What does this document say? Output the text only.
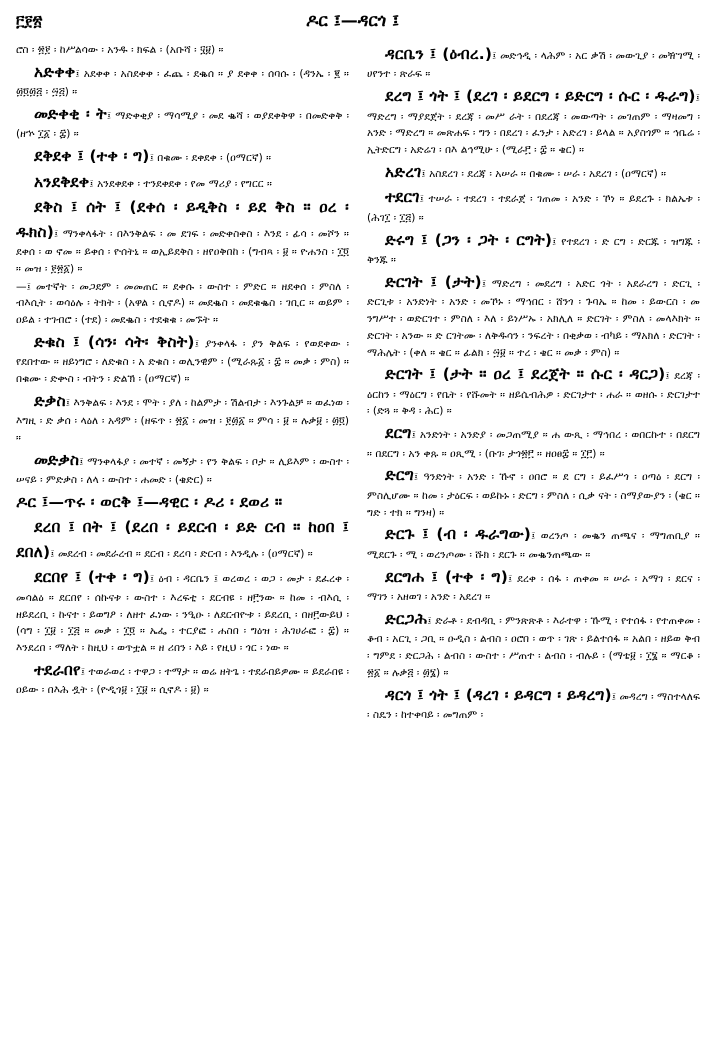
፫፻፳	ዶር ፤—ዳርጎ ፤

ሮስ ፡ ፳፻ ፡ ከሥልሳው ፡ አንዱ ፡ ክፍል ፡ (አቡሻ ፡ ፶፱) ።

አድቀቀ፤ አደቀቀ ፡ አስደቀቀ ፡ ፈጨ ፡ ደቈሰ ። ያ ደቀቀ ፡ ሰባሱ ፡ (ዳንኤ ፡ ፪ ። ፴፬፴፭ ፡ ፵፭) ።

መድቀቂ ፡ ት፤ ማድቀቂያ ፡ ማሳሚያ ፡ መደ ቈሻ ፡ ወያደቀቅዋ ፡ በመድቀቅ ፡ (ዘኍ ፲፩ ፡ ፰) ።

ደቅደቀ ፤ (ተቀ ፡ ግ)፤ በቁሙ ፡ ደቀደቀ ፡ (ዐማርኛ) ።

አንደቅደቀ፤ አንደቀደቀ ፡ ተንደቀደቀ ፡ የመ ማሪያ ፡ የግርር ።

ደቅስ ፤ ሰት ፤ (ደቀሰ ፡ ይዲቅስ ፡ ይደ ቅስ ። ዐረ ፡ ዱክስ)፤ ማንቀላፋት ፡ በእንቅልፍ ፡ መ ደገፍ ፡ መድቀስቀስ ፡ እንደ ፡ ፊሳ ፡ መሾን ። ደቀሰ ፡ ወ ኖመ ። ይቀሰ ፡ ዮሰትኒ ። ወኢይደቅስ ፡ ዘየዐቅበከ ፡ (ግብጻ ፡ ፱ ። ዮሐንስ ፡ ፲፬ ። መዝ ፡ ፻፳፩) ።

—፤ መተኛት ፡ መጋደም ፡ መመጠር ። ደቀሱ ፡ ውስተ ፡ ምድር ። ዘደቀሰ ፡ ምስለ ፡ ብእሲት ፡ ወሳዕሉ ፡ ትክት ፡ (አዋል ፡ ሲኖዶ) ። መደቈስ ፡ መደቁቈስ ፡ ገቢር ። ወይም ፡ ዐይል ፡ ተገብሮ ፡ (ተደ) ፡ መደቈስ ፡ ተደቁቁ ፡ መኙት ።

ድቁስ ፤ (ሳን፡ ሳት፡ ቅስት)፤ ያንቀላፋ ፡ ያን ቅልፍ ፡ የወደቀው ፡ የደበተው ። ዘይነግሮ ፡ ለድቁስ ፡ አ ድቁስ ፡ ወሊንዊም ፡ (ሚራጹ፩ ፡ ፰ ። መቃ ፡ ምስ) ። በቁሙ ፡ ድቍስ ፡ ብትን ፡ ድልኽ ፡ (ዐማርኛ) ።

ድቃስ፤ እንቅልፍ ፡ እንደ ፡ ሞት ፡ ያለ ፡ ከልምታ ፡ ሽልብታ ፡ እንጉልቻ ። ወፈነወ ፡ እግዚ ፡ ድ ቃሰ ፡ ላዕለ ፡ አዳም ፡ (ዘፍጥ ፡ ፳፩ ፡ መዝ ፡ ፻፴፩ ። ምሳ ፡ ፱ ። ሉቃ፱ ፡ ፴፬) ።

መድቃስ፤ ማንቀላፋያ ፡ መተኛ ፡ መኝታ ፡ የን ቅልፍ ፡ ቦታ ። ሊይእም ፡ ውስተ ፡ ሠናይ ፡ ምድቃስ ፡ ለላ ፡ ውስተ ፡ ሐመድ ፡ (ቄድር) ።

ዶር ፤—ጥሩ ፡ ወርቅ ፤—ዳዊር ፡ ዶሪ ፡ ደወሪ ።

ደረበ ፤ በት ፤ (ደረበ ፡ ይደርብ ፡ ይድ ርብ ። ከዐበ ፤ ደበለ)፤ መደረብ ፡ መደራረብ ። ደርብ ፡ ደረባ ፡ ድርብ ፡ እንዲሉ ፡ (ዐማርኛ) ።

ደርበየ ፤ (ተቀ ፡ ግ)፤ ዕብ ፡ ዳርቤን ፤ ወረወረ ፡ ወጋ ፡ መታ ፡ ደፈረቀ ፡ መሳልዕ ። ደርበየ ፡ ሰኩናቱ ፡ ውስተ ፡ እረፍቲ ፡ ደርብዩ ፡ ዘ፫ንው ። ከመ ፡ ብእሲ ፡ ዘይደረቢ ፡ ኩናተ ፡ ይወግዖ ፡ ለዘተ ፈነው ፡ ንዒዑ ፡ ለደርብዮቱ ፡ ይደረቢ ፡ በዘ፫ውይህ ፡ (ሳግ ፡ ፲፱ ፡ ፲፭ ። መቃ ፡ ፲፬ ። ኤፌ ፡ ተርያፎ ፡ ሐስበ ፡ ግዕዝ ፡ ሕገሀራፎ ፡ ፰) ። እንደረበ ፡ ማለት ፡ ከዚህ ፡ ወጥቷል ። ዘ ሪበን ፡ እይ ፡ የዚህ ፡ ጎር ፡ ነው ።

ተደራበየ፤ ተወራወረ ፡ ተዋጋ ፡ ተማታ ። ወሬ ዘትጌ ፡ ተደራበይዎሙ ። ይደራበዩ ፡ ዐይው ፡ በእሕ ዷት ፡ (ዮዲጎ፱ ፡ ፲፱ ። ሲኖዶ ፡ ፱) ።

ዳርቤን ፤ (ዕብረ.)፤ መድኅዲ ፡ ላሕም ፡ አር ቃሽ ፡ መውጊያ ፡ መዥገሚ ፡ ሀየንተ ፡ ጽራፍ ።

ደረግ ፤ ጎት ፤ (ደረገ ፡ ይደርግ ፡ ይድርግ ፡ ሱር ፡ ዱራግ)፤ ማድረግ ፡ ማያደጀት ፡ ደረጃ ፡ መሥ ራት ፡ በደረጃ ፡ መውጣት ፡ መገጠም ፡ ማዛመግ ፡ አንድ ፡ ማድረግ ። መጽሐፍ ፡ ግን ፡ በደረገ ፡ ፈንታ ፡ አድረገ ፡ ይላል ። አያስጎም ። ኅቤሬ ፡ ኢትድርግ ፡ አድሬገ ፡ በእ ልኅሚሁ ፡ (ሚራ፫ ፡ ፰ ። ቄር) ።

አድረገ፤ አስደረገ ፡ ደረጃ ፡ አሠራ ። በቁሙ ፡ ሠራ ፡ አደረገ ፡ (ዐማርኛ) ።

ተደርገ፤ ተሠራ ፡ ተደረገ ፡ ተደራጀ ፡ ገጠመ ፡ አንድ ፡ ኾነ ። ይደረጉ ፡ ክልኤቱ ፡ (ሕገ፲ ፡ ፲፭) ።

ድሩግ ፤ (ጋን ፡ ጋት ፡ ርግት)፤ የተደረገ ፡ ድ ርግ ፡ ድርጁ ፡ ዝግጁ ፡ ቅንጁ ።

ድርገት ፤ (ታት)፤ ማድረግ ፡ መደረግ ፡ አድር ጎት ፡ አደራረግ ፡ ድርጊ ፡ ድርጊቱ ፡ አንድነት ፡ አንድ ፡ መኾኑ ፡ ማኅበር ፡ ሸንጎ ፡ ጉባኤ ። ከመ ፡ ይውርስ ፡ መ ንግሥተ ፡ ወድርገተ ፡ ምስለ ፡ እለ ፡ ይነሥኡ ፡ አክሊለ ። ድርገት ፡ ምስለ ፡ መላእክት ። ድርገት ፡ አንው ። ድ ርገትሙ ፡ ለቅዱሳን ፡ ንፍረት ፡ በቂቃወ ፡ ብካይ ፡ ማአክለ ፡ ድርገት ፡ ማሕሌት ፡ (ቀለ ። ቄር ። ፊልክ ፡ ፵፱ ። ተረ ፡ ቄር ። መቃ ፡ ምስ) ።

ድርገት ፤ (ታት ። ዐረ ፤ ደረጀት ። ሱር ፡ ዳርጋ)፤ ደረጃ ፡ ዕርከን ፡ ማዕርግ ፡ የቤት ፡ የሹመት ። ዘይሴብሕዎ ፡ ድርገታተ ፡ ሐራ ። ወዘሱ ፡ ድርገታተ ፡ (ድጓ ። ቅዳ ፡ ሕር) ።

ደርግ፤ አንድነት ፡ አንድያ ፡ መጋጠሚያ ። ሐ ውጺ ፡ ማኅበረ ፡ ወበርኩተ ፡ በደርግ ። በደርግ ፡ አን ቀጹ ። ዐጺሚ ፡ (ቡገ፡ ታጎ፳፫ ። ዘዐፀ፰ ። ፲፫) ።

ድርግ፤ ዓንድነት ፡ አንድ ፡ ኹኖ ፡ ዐበሮ ። ደ ርግ ፡ ይፈሥጎ ፡ ዐጣዕ ፡ ደርግ ፡ ምስሊሆሙ ። ከመ ፡ ታዕርፍ ፡ ወይኩኑ ፡ ድርግ ፡ ምስለ ፡ ሲቃ ናት ፡ ስማያውያን ፡ (ቄር ። ግድ ፡ ተክ ። ግንዛ) ።

ድርጉ ፤ (ብ ፡ ዱራግው)፤ ወረንጦ ፡ መቈን ጠጫና ፡ ማግጠቢያ ። ሚደርጉ ፡ ሚ ፡ ወረንጦሙ ፡ ሹክ ፡ ደርጉ ። መቈንጠጫው ።

ደርግሐ ፤ (ተቀ ፡ ግ)፤ ደረቀ ፡ ሰፋ ፡ ጠቀመ ። ሠራ ፡ አማገ ፡ ደርና ፡ ማገን ፡ አዘወገ ፡ አንድ ፡ አደረገ ።

ድርጋሕ፤ ድራቶ ፡ ደብዳቢ ፡ ምንጽጽቶ ፡ እራተዋ ፡ ኹሚ ፡ የተሰፋ ፡ የተጠቀመ ፡ ቆብ ፡ አርጊ ፡ ጋቢ ። ዑዲስ ፡ ልብስ ፡ ዐሮበ ፡ ወጥ ፡ ገጽ ፡ ይልተሰፋ ። አልበ ፡ ዘይወ ቅብ ፡ ግምደ ፡ ድርጋሕ ፡ ልብስ ፡ ውስተ ፡ ሥጠተ ፡ ልብስ ፡ ብሉይ ፡ (ማቴ፱ ፡ ፲፮ ። ማርቆ ፡ ፳፩ ። ሉቃ፭ ፡ ፴፮) ።

ዳርጎ ፤ ጎት ፤ (ዳረገ ፡ ይዳርግ ፡ ይዳረግ)፤ መዳረግ ፡ ማስተላለፍ ፡ ስዴን ፡ ከተቀባይ ፡ መግጠም ፡
